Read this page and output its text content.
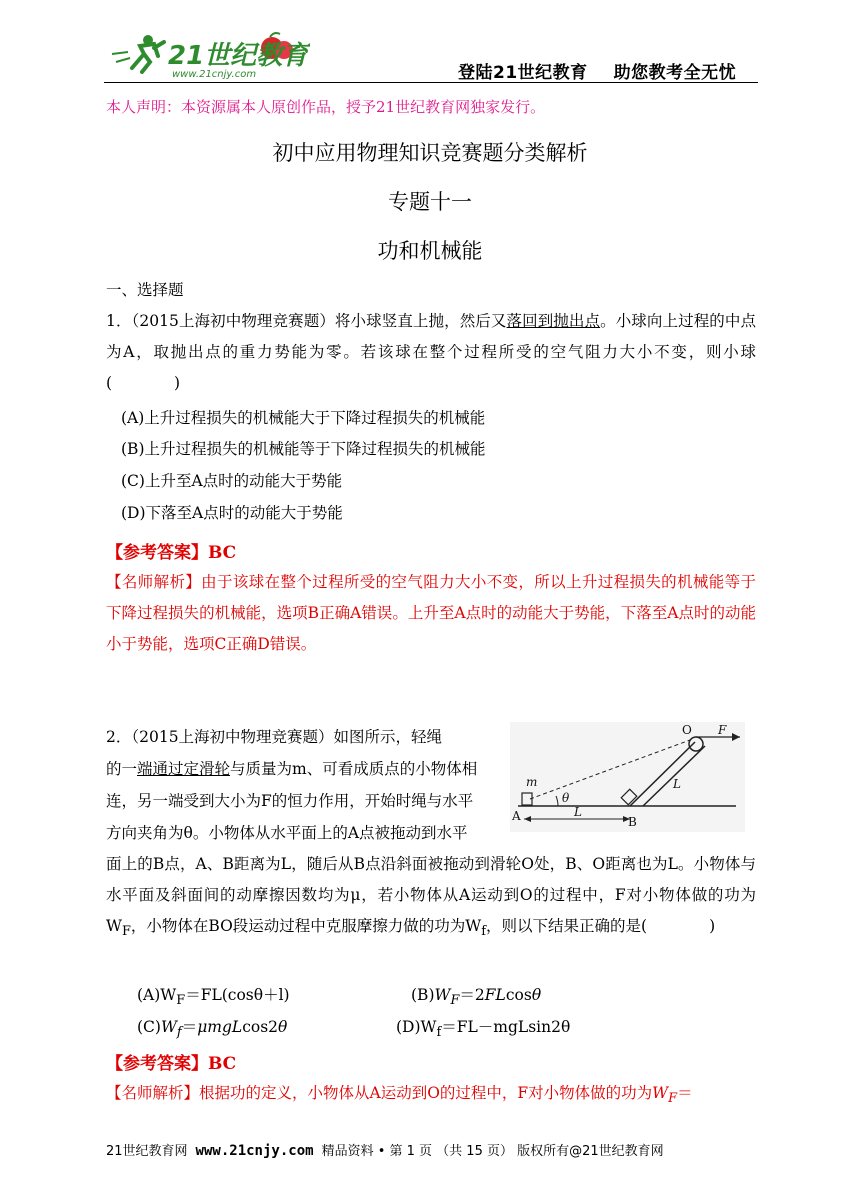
21世纪教育
www.21cnjy.com	登陆21世纪教育 助您教考全无忧
本人声明：本资源属本人原创作品，授予21世纪教育网独家发行。
初中应用物理知识竞赛题分类解析
专题十一
功和机械能
一、选择题
1．（2015上海初中物理竞赛题）将小球竖直上抛，然后又落回到抛出点。小球向上过程的中点为A，取抛出点的重力势能为零。若该球在整个过程所受的空气阻力大小不变，则小球(　　　　)
(A)上升过程损失的机械能大于下降过程损失的机械能
(B)上升过程损失的机械能等于下降过程损失的机械能
(C)上升至A点时的动能大于势能
(D)下落至A点时的动能大于势能
【参考答案】BC
【名师解析】由于该球在整个过程所受的空气阻力大小不变，所以上升过程损失的机械能等于下降过程损失的机械能，选项B正确A错误。上升至A点时的动能大于势能，下落至A点时的动能小于势能，选项C正确D错误。
2．（2015上海初中物理竞赛题）如图所示，轻绳
的一端通过定滑轮与质量为m、可看成质点的小物体相
连，另一端受到大小为F的恒力作用，开始时绳与水平
方向夹角为θ。小物体从水平面上的A点被拖动到水平
面上的B点，A、B距离为L，随后从B点沿斜面被拖动到滑轮O处，B、O距离也为L。小物体与水平面及斜面间的动摩擦因数均为μ，若小物体从A运动到O的过程中，F对小物体做的功为$W_F$，小物体在BO段运动过程中克服摩擦力做的功为$W_f$，则以下结果正确的是(　　　　)
$(A)W_F=FL(\cos\theta+l)$	$(B)W_F=2FLcos\theta$
$(C)W_f=\mu mgLcos2\theta$	$(D)W_f=FL-mgLsin2\theta$
【参考答案】BC
【名师解析】根据功的定义，小物体从A运动到O的过程中，F对小物体做的功为$W_F=$
O F
m
θ
L
A	L
B
21世纪教育网 www.21cnjy.com 精品资料 • 第 1 页 （共 15 页） 版权所有@21世纪教育网
